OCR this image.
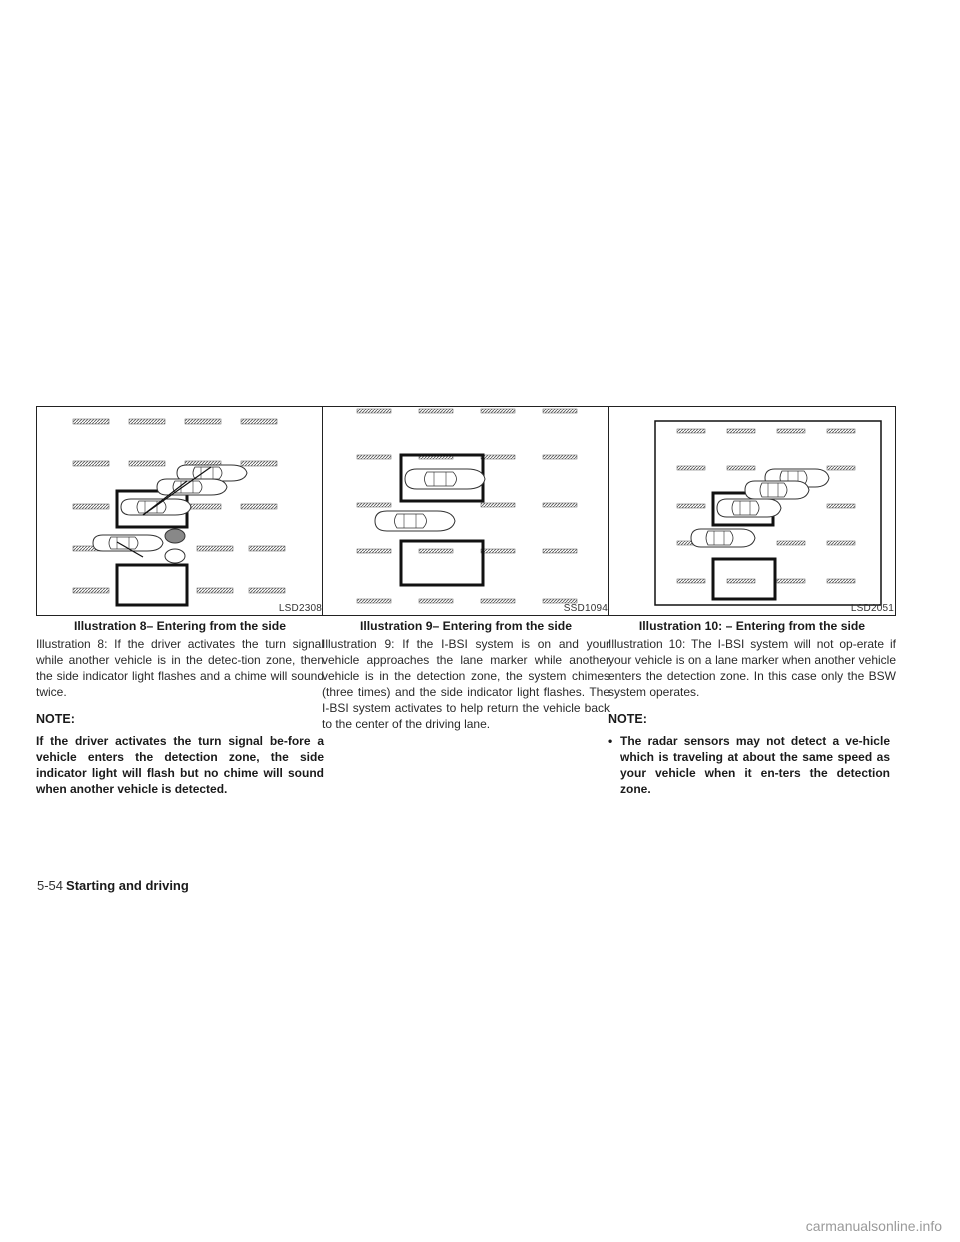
LSD2308
Illustration 8– Entering from the side

Illustration 8: If the driver activates the turn signal while another vehicle is in the detec-tion zone, then the side indicator light flashes and a chime will sound twice.

NOTE:

If the driver activates the turn signal be-fore a vehicle enters the detection zone, the side indicator light will flash but no chime will sound when another vehicle is detected.

SSD1094
Illustration 9– Entering from the side

Illustration 9: If the I-BSI system is on and your vehicle approaches the lane marker while another vehicle is in the detection zone, the system chimes (three times) and the side indicator light flashes. The I-BSI system activates to help return the vehicle back to the center of the driving lane.

LSD2051
Illustration 10: – Entering from the side

Illustration 10: The I-BSI system will not op-erate if your vehicle is on a lane marker when another vehicle enters the detection zone. In this case only the BSW system operates.

NOTE:
• The radar sensors may not detect a ve-hicle which is traveling at about the same speed as your vehicle when it en-ters the detection zone.
5-54 Starting and driving
carmanualsonline.info
